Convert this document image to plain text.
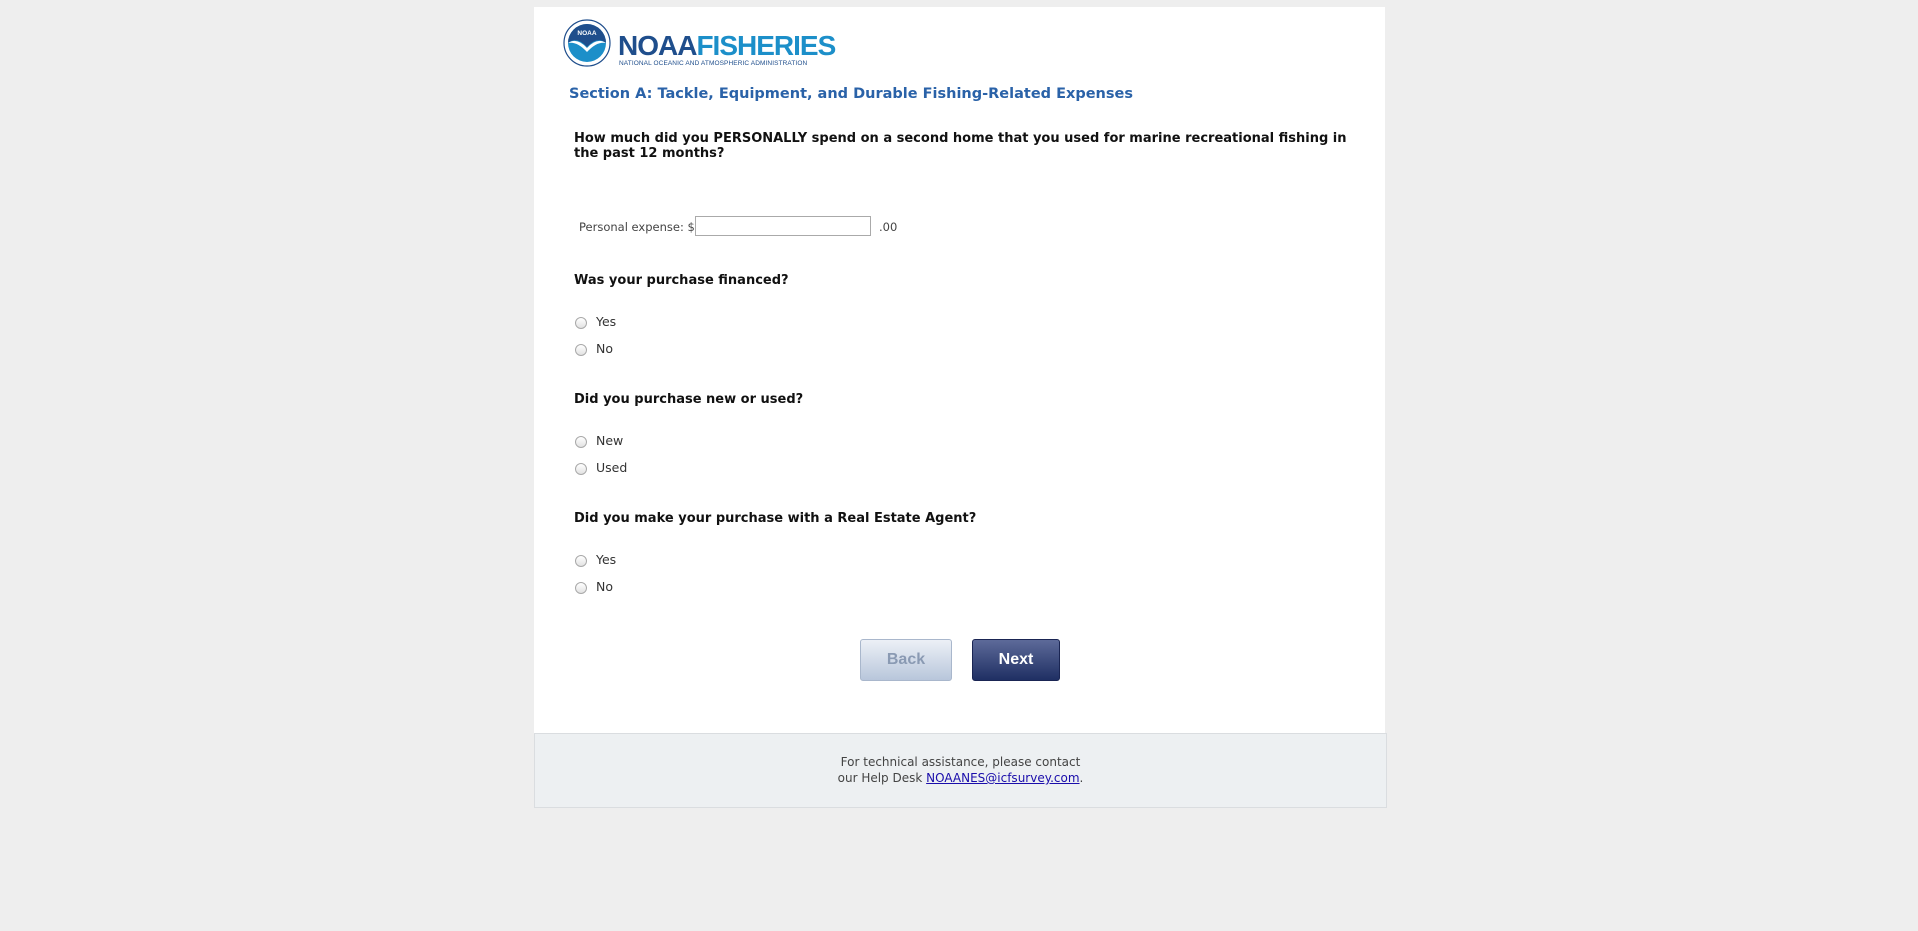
NOAA NOAAFISHERIES
NATIONAL OCEANIC AND ATMOSPHERIC ADMINISTRATION
Section A: Tackle, Equipment, and Durable Fishing-Related Expenses
How much did you PERSONALLY spend on a second home that you used for marine recreational fishing in the past 12 months?
Personal expense: $	.00
Was your purchase financed?
Yes
No
Did you purchase new or used?
New
Used
Did you make your purchase with a Real Estate Agent?
Yes
No
Back	Next
For technical assistance, please contact
our Help Desk NOAANES@icfsurvey.com.
